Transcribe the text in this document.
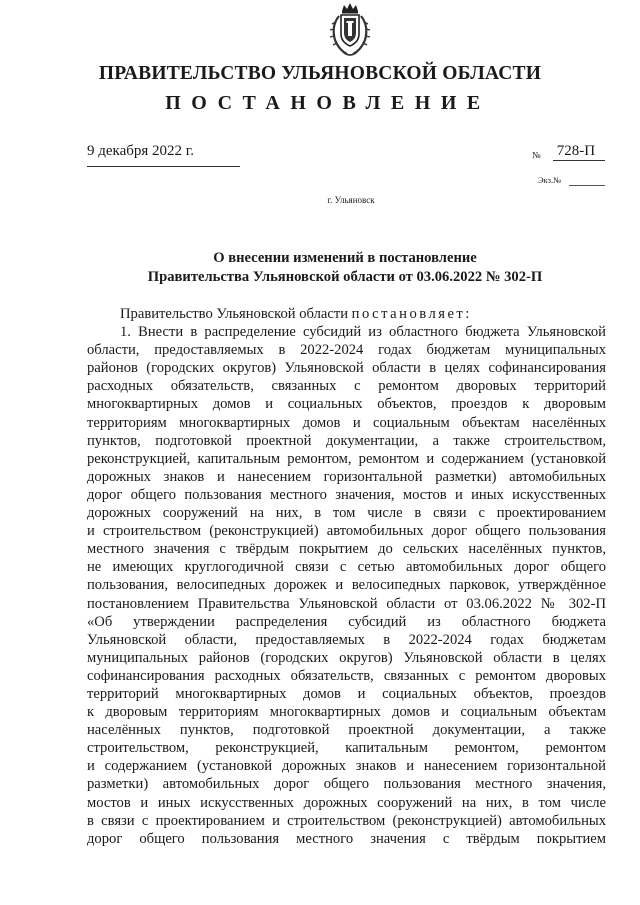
ПРАВИТЕЛЬСТВО УЛЬЯНОВСКОЙ ОБЛАСТИ
ПОСТАНОВЛЕНИЕ
9 декабря 2022 г.	№ 728-П
Экз.№
г. Ульяновск
О внесении изменений в постановление
Правительства Ульяновской области от 03.06.2022 № 302-П
Правительство Ульяновской области постановляет:
1. Внести в распределение субсидий из областного бюджета Ульяновской
области, предоставляемых в 2022-2024 годах бюджетам муниципальных
районов (городских округов) Ульяновской области в целях софинансирования
расходных обязательств, связанных с ремонтом дворовых территорий
многоквартирных домов и социальных объектов, проездов к дворовым
территориям многоквартирных домов и социальным объектам населённых
пунктов, подготовкой проектной документации, а также строительством,
реконструкцией, капитальным ремонтом, ремонтом и содержанием (установкой
дорожных знаков и нанесением горизонтальной разметки) автомобильных
дорог общего пользования местного значения, мостов и иных искусственных
дорожных сооружений на них, в том числе в связи с проектированием
и строительством (реконструкцией) автомобильных дорог общего пользования
местного значения с твёрдым покрытием до сельских населённых пунктов,
не имеющих круглогодичной связи с сетью автомобильных дорог общего
пользования, велосипедных дорожек и велосипедных парковок, утверждённое
постановлением Правительства Ульяновской области от 03.06.2022 № 302-П
«Об утверждении распределения субсидий из областного бюджета
Ульяновской области, предоставляемых в 2022-2024 годах бюджетам
муниципальных районов (городских округов) Ульяновской области в целях
софинансирования расходных обязательств, связанных с ремонтом дворовых
территорий многоквартирных домов и социальных объектов, проездов
к дворовым территориям многоквартирных домов и социальным объектам
населённых пунктов, подготовкой проектной документации, а также
строительством, реконструкцией, капитальным ремонтом, ремонтом
и содержанием (установкой дорожных знаков и нанесением горизонтальной
разметки) автомобильных дорог общего пользования местного значения,
мостов и иных искусственных дорожных сооружений на них, в том числе
в связи с проектированием и строительством (реконструкцией) автомобильных
дорог общего пользования местного значения с твёрдым покрытием
